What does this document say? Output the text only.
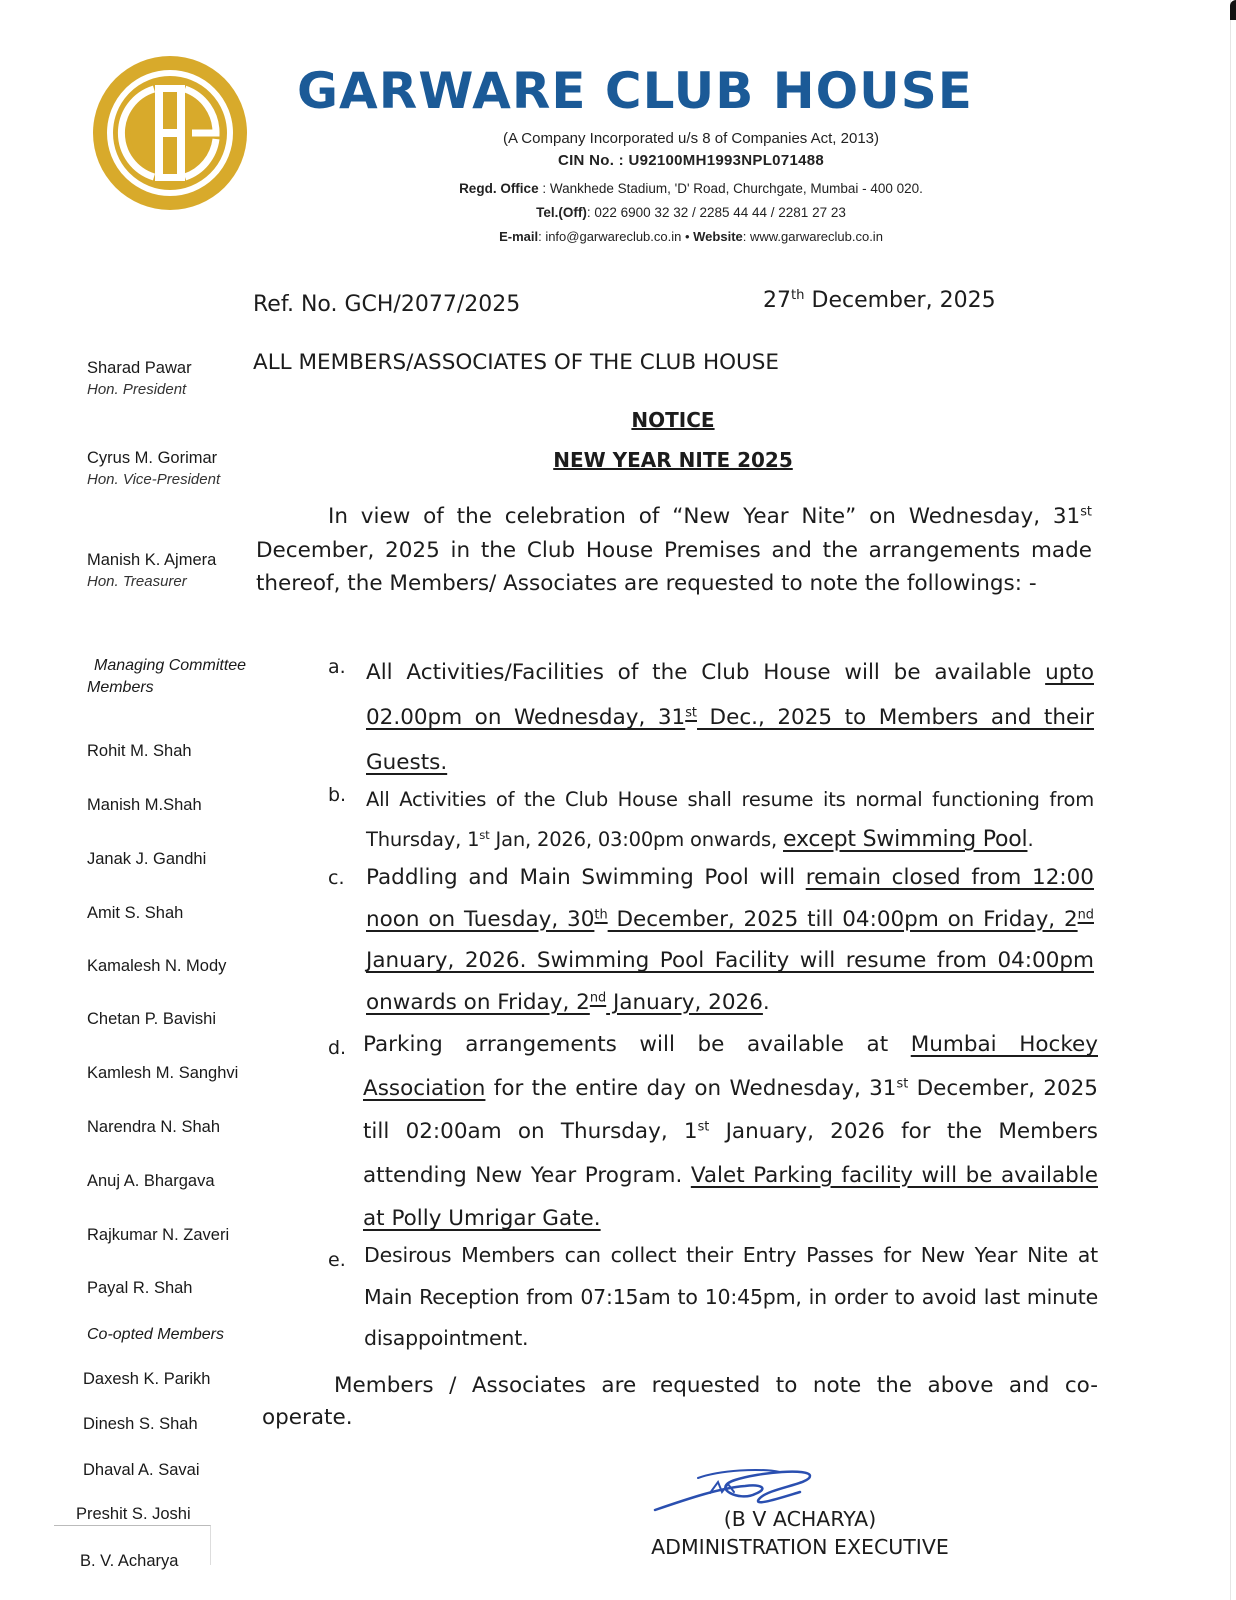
GARWARE CLUB HOUSE
(A Company Incorporated u/s 8 of Companies Act, 2013)
CIN No. : U92100MH1993NPL071488
Regd. Office : Wankhede Stadium, 'D' Road, Churchgate, Mumbai - 400 020.
Tel.(Off): 022 6900 32 32 / 2285 44 44 / 2281 27 23
E-mail: info@garwareclub.co.in • Website: www.garwareclub.co.in
Ref. No. GCH/2077/2025	27th December, 2025
ALL MEMBERS/ASSOCIATES OF THE CLUB HOUSE
NOTICE
NEW YEAR NITE 2025
In view of the celebration of “New Year Nite” on Wednesday, 31st December, 2025 in the Club House Premises and the arrangements made thereof, the Members/ Associates are requested to note the followings: -
a. All Activities/Facilities of the Club House will be available upto 02.00pm on Wednesday, 31st Dec., 2025 to Members and their Guests.
b. All Activities of the Club House shall resume its normal functioning from Thursday, 1st Jan, 2026, 03:00pm onwards, except Swimming Pool.
c. Paddling and Main Swimming Pool will remain closed from 12:00 noon on Tuesday, 30th December, 2025 till 04:00pm on Friday, 2nd January, 2026. Swimming Pool Facility will resume from 04:00pm onwards on Friday, 2nd January, 2026.
d. Parking arrangements will be available at Mumbai Hockey Association for the entire day on Wednesday, 31st December, 2025 till 02:00am on Thursday, 1st January, 2026 for the Members attending New Year Program. Valet Parking facility will be available at Polly Umrigar Gate.
e. Desirous Members can collect their Entry Passes for New Year Nite at Main Reception from 07:15am to 10:45pm, in order to avoid last minute disappointment.
Members / Associates are requested to note the above and co-operate.
(B V ACHARYA)
ADMINISTRATION EXECUTIVE
Sharad Pawar
Hon. President
Cyrus M. Gorimar
Hon. Vice-President
Manish K. Ajmera
Hon. Treasurer
Managing Committee
Members
Rohit M. Shah
Manish M.Shah
Janak J. Gandhi
Amit S. Shah
Kamalesh N. Mody
Chetan P. Bavishi
Kamlesh M. Sanghvi
Narendra N. Shah
Anuj A. Bhargava
Rajkumar N. Zaveri
Payal R. Shah
Co-opted Members
Daxesh K. Parikh
Dinesh S. Shah
Dhaval A. Savai
Preshit S. Joshi
B. V. Acharya
